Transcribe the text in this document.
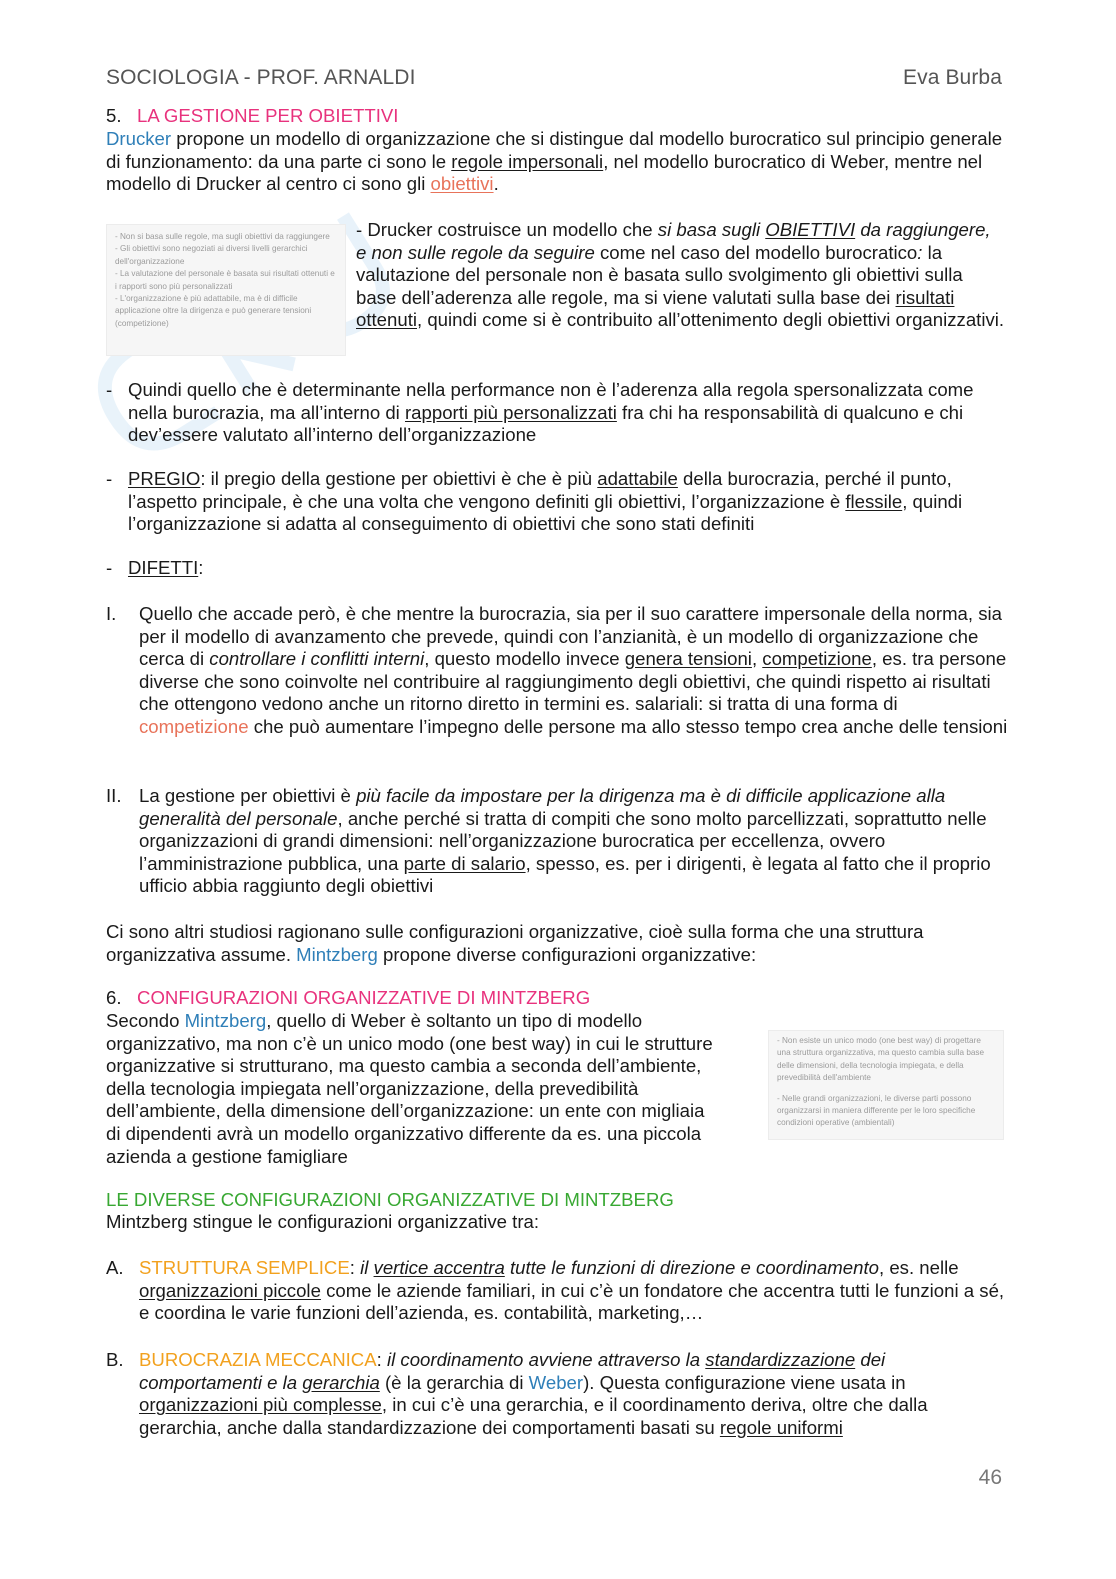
SOCIOLOGIA - PROF. ARNALDI	Eva Burba

5. LA GESTIONE PER OBIETTIVI

Drucker propone un modello di organizzazione che si distingue dal modello burocratico sul principio generale di funzionamento: da una parte ci sono le regole impersonali, nel modello burocratico di Weber, mentre nel modello di Drucker al centro ci sono gli obiettivi.

- Non si basa sulle regole, ma sugli obiettivi da raggiungere
- Gli obiettivi sono negoziati ai diversi livelli gerarchici dell'organizzazione
- La valutazione del personale è basata sui risultati ottenuti e i rapporti sono più personalizzati
- L'organizzazione è più adattabile, ma è di difficile applicazione oltre la dirigenza e può generare tensioni (competizione)

- Drucker costruisce un modello che si basa sugli OBIETTIVI da raggiungere, e non sulle regole da seguire come nel caso del modello burocratico: la valutazione del personale non è basata sullo svolgimento gli obiettivi sulla base dell’aderenza alle regole, ma si viene valutati sulla base dei risultati ottenuti, quindi come si è contribuito all’ottenimento degli obiettivi organizzativi.

- Quindi quello che è determinante nella performance non è l’aderenza alla regola spersonalizzata come nella burocrazia, ma all’interno di rapporti più personalizzati fra chi ha responsabilità di qualcuno e chi dev’essere valutato all’interno dell’organizzazione
- PREGIO: il pregio della gestione per obiettivi è che è più adattabile della burocrazia, perché il punto, l’aspetto principale, è che una volta che vengono definiti gli obiettivi, l’organizzazione è flessile, quindi l’organizzazione si adatta al conseguimento di obiettivi che sono stati definiti
- DIFETTI:
I. Quello che accade però, è che mentre la burocrazia, sia per il suo carattere impersonale della norma, sia per il modello di avanzamento che prevede, quindi con l’anzianità, è un modello di organizzazione che cerca di controllare i conflitti interni, questo modello invece genera tensioni, competizione, es. tra persone diverse che sono coinvolte nel contribuire al raggiungimento degli obiettivi, che quindi rispetto ai risultati che ottengono vedono anche un ritorno diretto in termini es. salariali: si tratta di una forma di competizione che può aumentare l’impegno delle persone ma allo stesso tempo crea anche delle tensioni
II. La gestione per obiettivi è più facile da impostare per la dirigenza ma è di difficile applicazione alla generalità del personale, anche perché si tratta di compiti che sono molto parcellizzati, soprattutto nelle organizzazioni di grandi dimensioni: nell’organizzazione burocratica per eccellenza, ovvero l’amministrazione pubblica, una parte di salario, spesso, es. per i dirigenti, è legata al fatto che il proprio ufficio abbia raggiunto degli obiettivi

Ci sono altri studiosi ragionano sulle configurazioni organizzative, cioè sulla forma che una struttura organizzativa assume. Mintzberg propone diverse configurazioni organizzative:

6. CONFIGURAZIONI ORGANIZZATIVE DI MINTZBERG

Secondo Mintzberg, quello di Weber è soltanto un tipo di modello organizzativo, ma non c’è un unico modo (one best way) in cui le strutture organizzative si strutturano, ma questo cambia a seconda dell’ambiente, della tecnologia impiegata nell’organizzazione, della prevedibilità dell’ambiente, della dimensione dell’organizzazione: un ente con migliaia di dipendenti avrà un modello organizzativo differente da es. una piccola azienda a gestione famigliare

- Non esiste un unico modo (one best way) di progettare una struttura organizzativa, ma questo cambia sulla base delle dimensioni, della tecnologia impiegata, e della prevedibilità dell'ambiente

- Nelle grandi organizzazioni, le diverse parti possono organizzarsi in maniera differente per le loro specifiche condizioni operative (ambientali)

LE DIVERSE CONFIGURAZIONI ORGANIZZATIVE DI MINTZBERG

Mintzberg stingue le configurazioni organizzative tra:

A. STRUTTURA SEMPLICE: il vertice accentra tutte le funzioni di direzione e coordinamento, es. nelle organizzazioni piccole come le aziende familiari, in cui c’è un fondatore che accentra tutti le funzioni a sé, e coordina le varie funzioni dell’azienda, es. contabilità, marketing,…
B. BUROCRAZIA MECCANICA: il coordinamento avviene attraverso la standardizzazione dei comportamenti e la gerarchia (è la gerarchia di Weber). Questa configurazione viene usata in organizzazioni più complesse, in cui c’è una gerarchia, e il coordinamento deriva, oltre che dalla gerarchia, anche dalla standardizzazione dei comportamenti basati su regole uniformi
46
